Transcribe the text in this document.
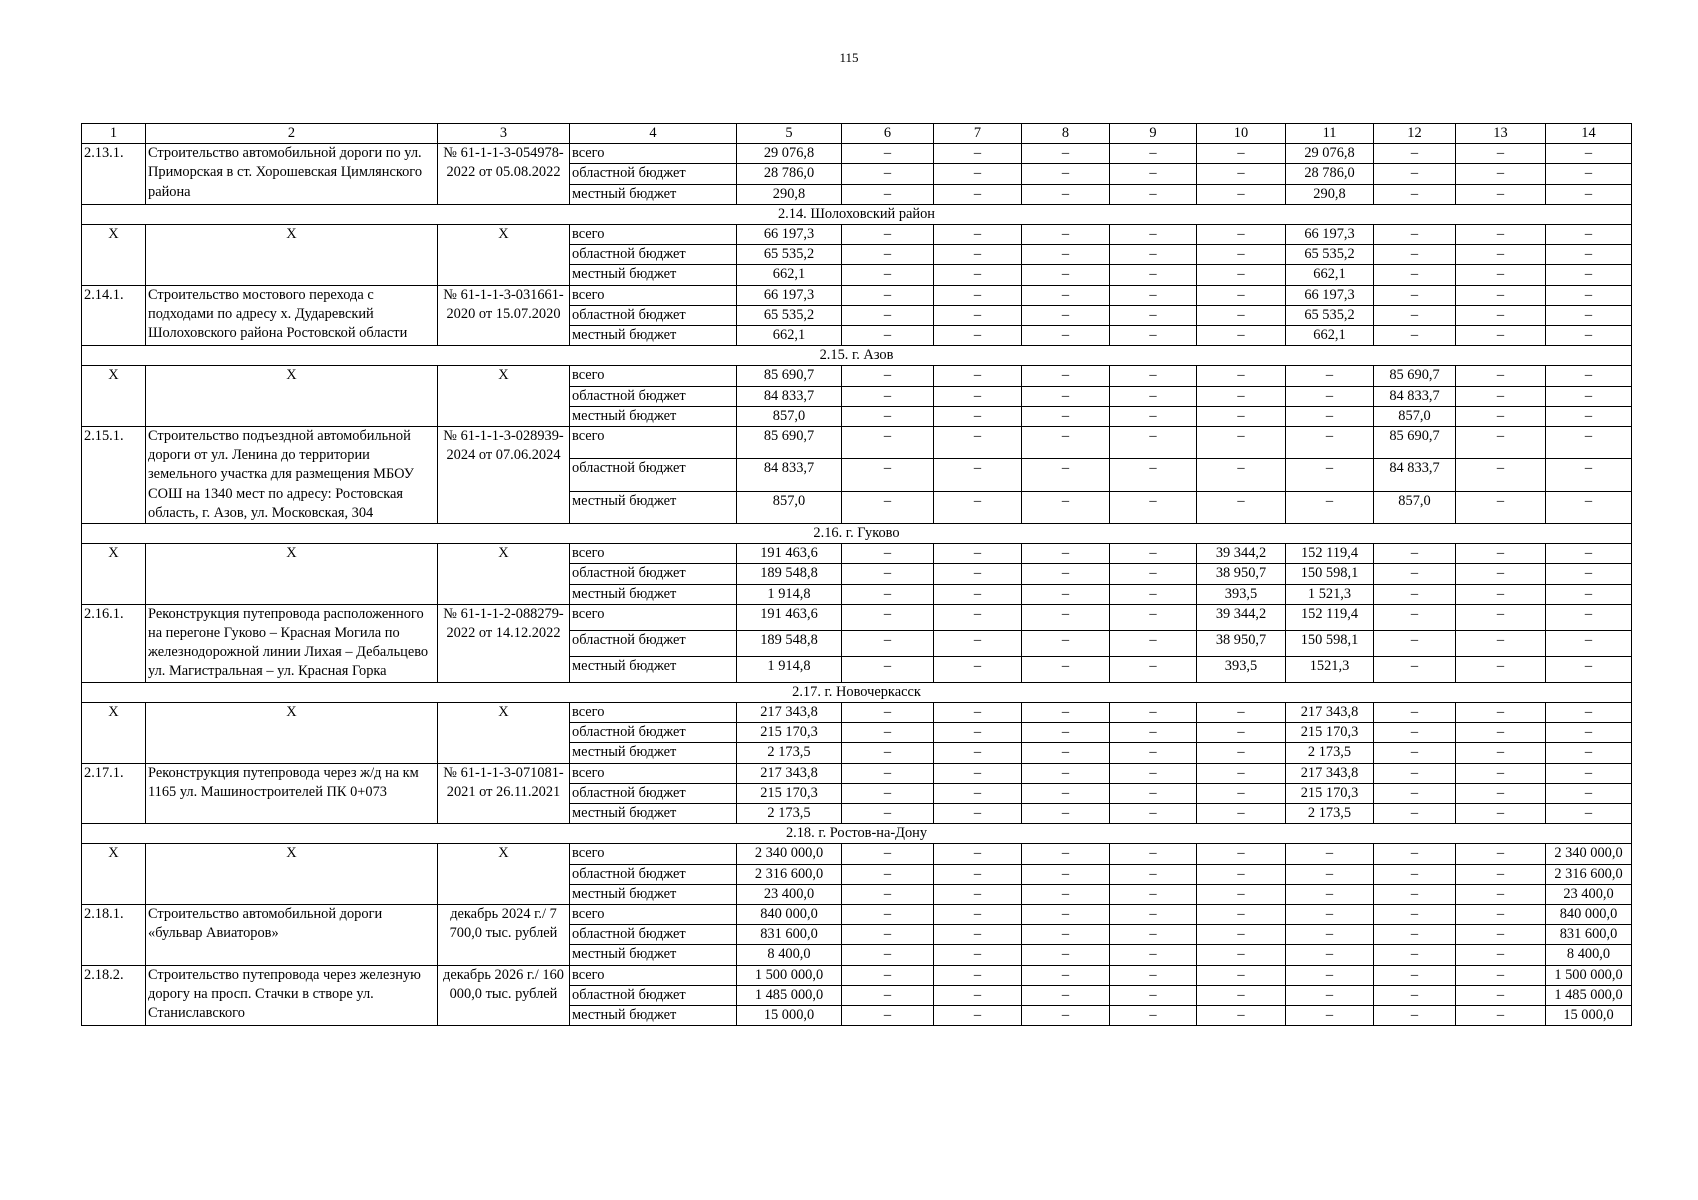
115
1	2	3	4	5	6	7	8	9	10	11	12	13	14
2.13.1.	Строительство автомобильной дороги по ул. Приморская в ст. Хорошевская Цимлянского района	№ 61-1-1-3-054978-2022 от 05.08.2022	всего	29 076,8	–	–	–	–	–	29 076,8	–	–	–
			областной бюджет	28 786,0	–	–	–	–	–	28 786,0	–	–	–
			местный бюджет	290,8	–	–	–	–	–	290,8	–	–	–
2.14. Шолоховский район													
Х	Х	Х	всего	66 197,3	–	–	–	–	–	66 197,3	–	–	–
			областной бюджет	65 535,2	–	–	–	–	–	65 535,2	–	–	–
			местный бюджет	662,1	–	–	–	–	–	662,1	–	–	–
2.14.1.	Строительство мостового перехода с подходами по адресу х. Дударевский Шолоховского района Ростовской области	№ 61-1-1-3-031661-2020 от 15.07.2020	всего	66 197,3	–	–	–	–	–	66 197,3	–	–	–
			областной бюджет	65 535,2	–	–	–	–	–	65 535,2	–	–	–
			местный бюджет	662,1	–	–	–	–	–	662,1	–	–	–
2.15. г. Азов													
Х	Х	Х	всего	85 690,7	–	–	–	–	–	–	85 690,7	–	–
			областной бюджет	84 833,7	–	–	–	–	–	–	84 833,7	–	–
			местный бюджет	857,0	–	–	–	–	–	–	857,0	–	–
2.15.1.	Строительство подъездной автомобильной дороги от ул. Ленина до территории земельного участка для размещения МБОУ СОШ на 1340 мест по адресу: Ростовская область, г. Азов, ул. Московская, 304	№ 61-1-1-3-028939-2024 от 07.06.2024	всего	85 690,7	–	–	–	–	–	–	85 690,7	–	–
			областной бюджет	84 833,7	–	–	–	–	–	–	84 833,7	–	–
			местный бюджет	857,0	–	–	–	–	–	–	857,0	–	–
2.16. г. Гуково													
Х	Х	Х	всего	191 463,6	–	–	–	–	39 344,2	152 119,4	–	–	–
			областной бюджет	189 548,8	–	–	–	–	38 950,7	150 598,1	–	–	–
			местный бюджет	1 914,8	–	–	–	–	393,5	1 521,3	–	–	–
2.16.1.	Реконструкция путепровода расположенного на перегоне Гуково – Красная Могила по железнодорожной линии Лихая – Дебальцево ул. Магистральная – ул. Красная Горка	№ 61-1-1-2-088279-2022 от 14.12.2022	всего	191 463,6	–	–	–	–	39 344,2	152 119,4	–	–	–
			областной бюджет	189 548,8	–	–	–	–	38 950,7	150 598,1	–	–	–
			местный бюджет	1 914,8	–	–	–	–	393,5	1521,3	–	–	–
2.17. г. Новочеркасск													
Х	Х	Х	всего	217 343,8	–	–	–	–	–	217 343,8	–	–	–
			областной бюджет	215 170,3	–	–	–	–	–	215 170,3	–	–	–
			местный бюджет	2 173,5	–	–	–	–	–	2 173,5	–	–	–
2.17.1.	Реконструкция путепровода через ж/д на км 1165 ул. Машиностроителей ПК 0+073	№ 61-1-1-3-071081-2021 от 26.11.2021	всего	217 343,8	–	–	–	–	–	217 343,8	–	–	–
			областной бюджет	215 170,3	–	–	–	–	–	215 170,3	–	–	–
			местный бюджет	2 173,5	–	–	–	–	–	2 173,5	–	–	–
2.18. г. Ростов-на-Дону													
Х	Х	Х	всего	2 340 000,0	–	–	–	–	–	–	–	–	2 340 000,0
			областной бюджет	2 316 600,0	–	–	–	–	–	–	–	–	2 316 600,0
			местный бюджет	23 400,0	–	–	–	–	–	–	–	–	23 400,0
2.18.1.	Строительство автомобильной дороги «бульвар Авиаторов»	декабрь 2024 г./ 7 700,0 тыс. рублей	всего	840 000,0	–	–	–	–	–	–	–	–	840 000,0
			областной бюджет	831 600,0	–	–	–	–	–	–	–	–	831 600,0
			местный бюджет	8 400,0	–	–	–	–	–	–	–	–	8 400,0
2.18.2.	Строительство путепровода через железную дорогу на просп. Стачки в створе ул. Станиславского	декабрь 2026 г./ 160 000,0 тыс. рублей	всего	1 500 000,0	–	–	–	–	–	–	–	–	1 500 000,0
			областной бюджет	1 485 000,0	–	–	–	–	–	–	–	–	1 485 000,0
			местный бюджет	15 000,0	–	–	–	–	–	–	–	–	15 000,0
